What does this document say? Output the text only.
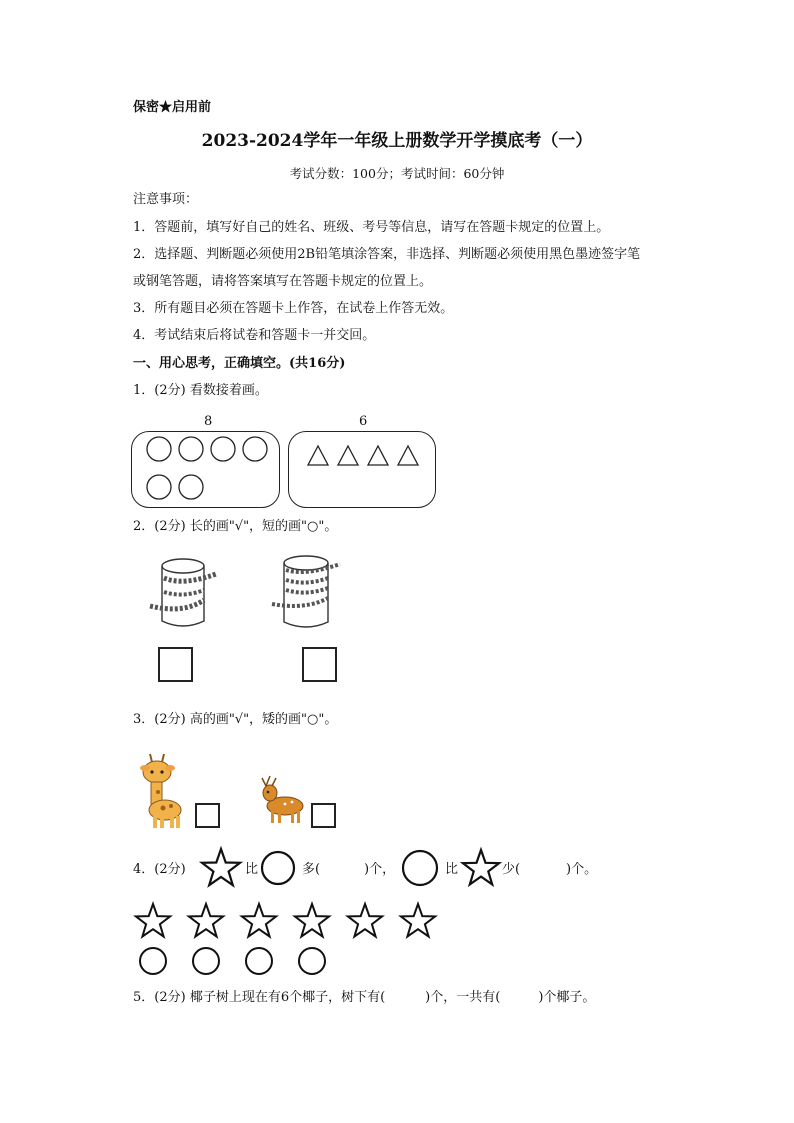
保密★启用前
2023-2024学年一年级上册数学开学摸底考（一）
考试分数：100分；考试时间：60分钟
注意事项：
1．答题前，填写好自己的姓名、班级、考号等信息，请写在答题卡规定的位置上。
2．选择题、判断题必须使用2B铅笔填涂答案，非选择、判断题必须使用黑色墨迹签字笔
或钢笔答题，请将答案填写在答题卡规定的位置上。
3．所有题目必须在答题卡上作答，在试卷上作答无效。
4．考试结束后将试卷和答题卡一并交回。
一、用心思考，正确填空。(共16分)
1．(2分) 看数接着画。
8	6
2．(2分) 长的画"√"，短的画"○"。
3．(2分) 高的画"√"，矮的画"○"。
4．(2分)	比	多(	)个，	比	少(	)个。
5．(2分) 椰子树上现在有6个椰子，树下有(	)个，一共有(	)个椰子。
